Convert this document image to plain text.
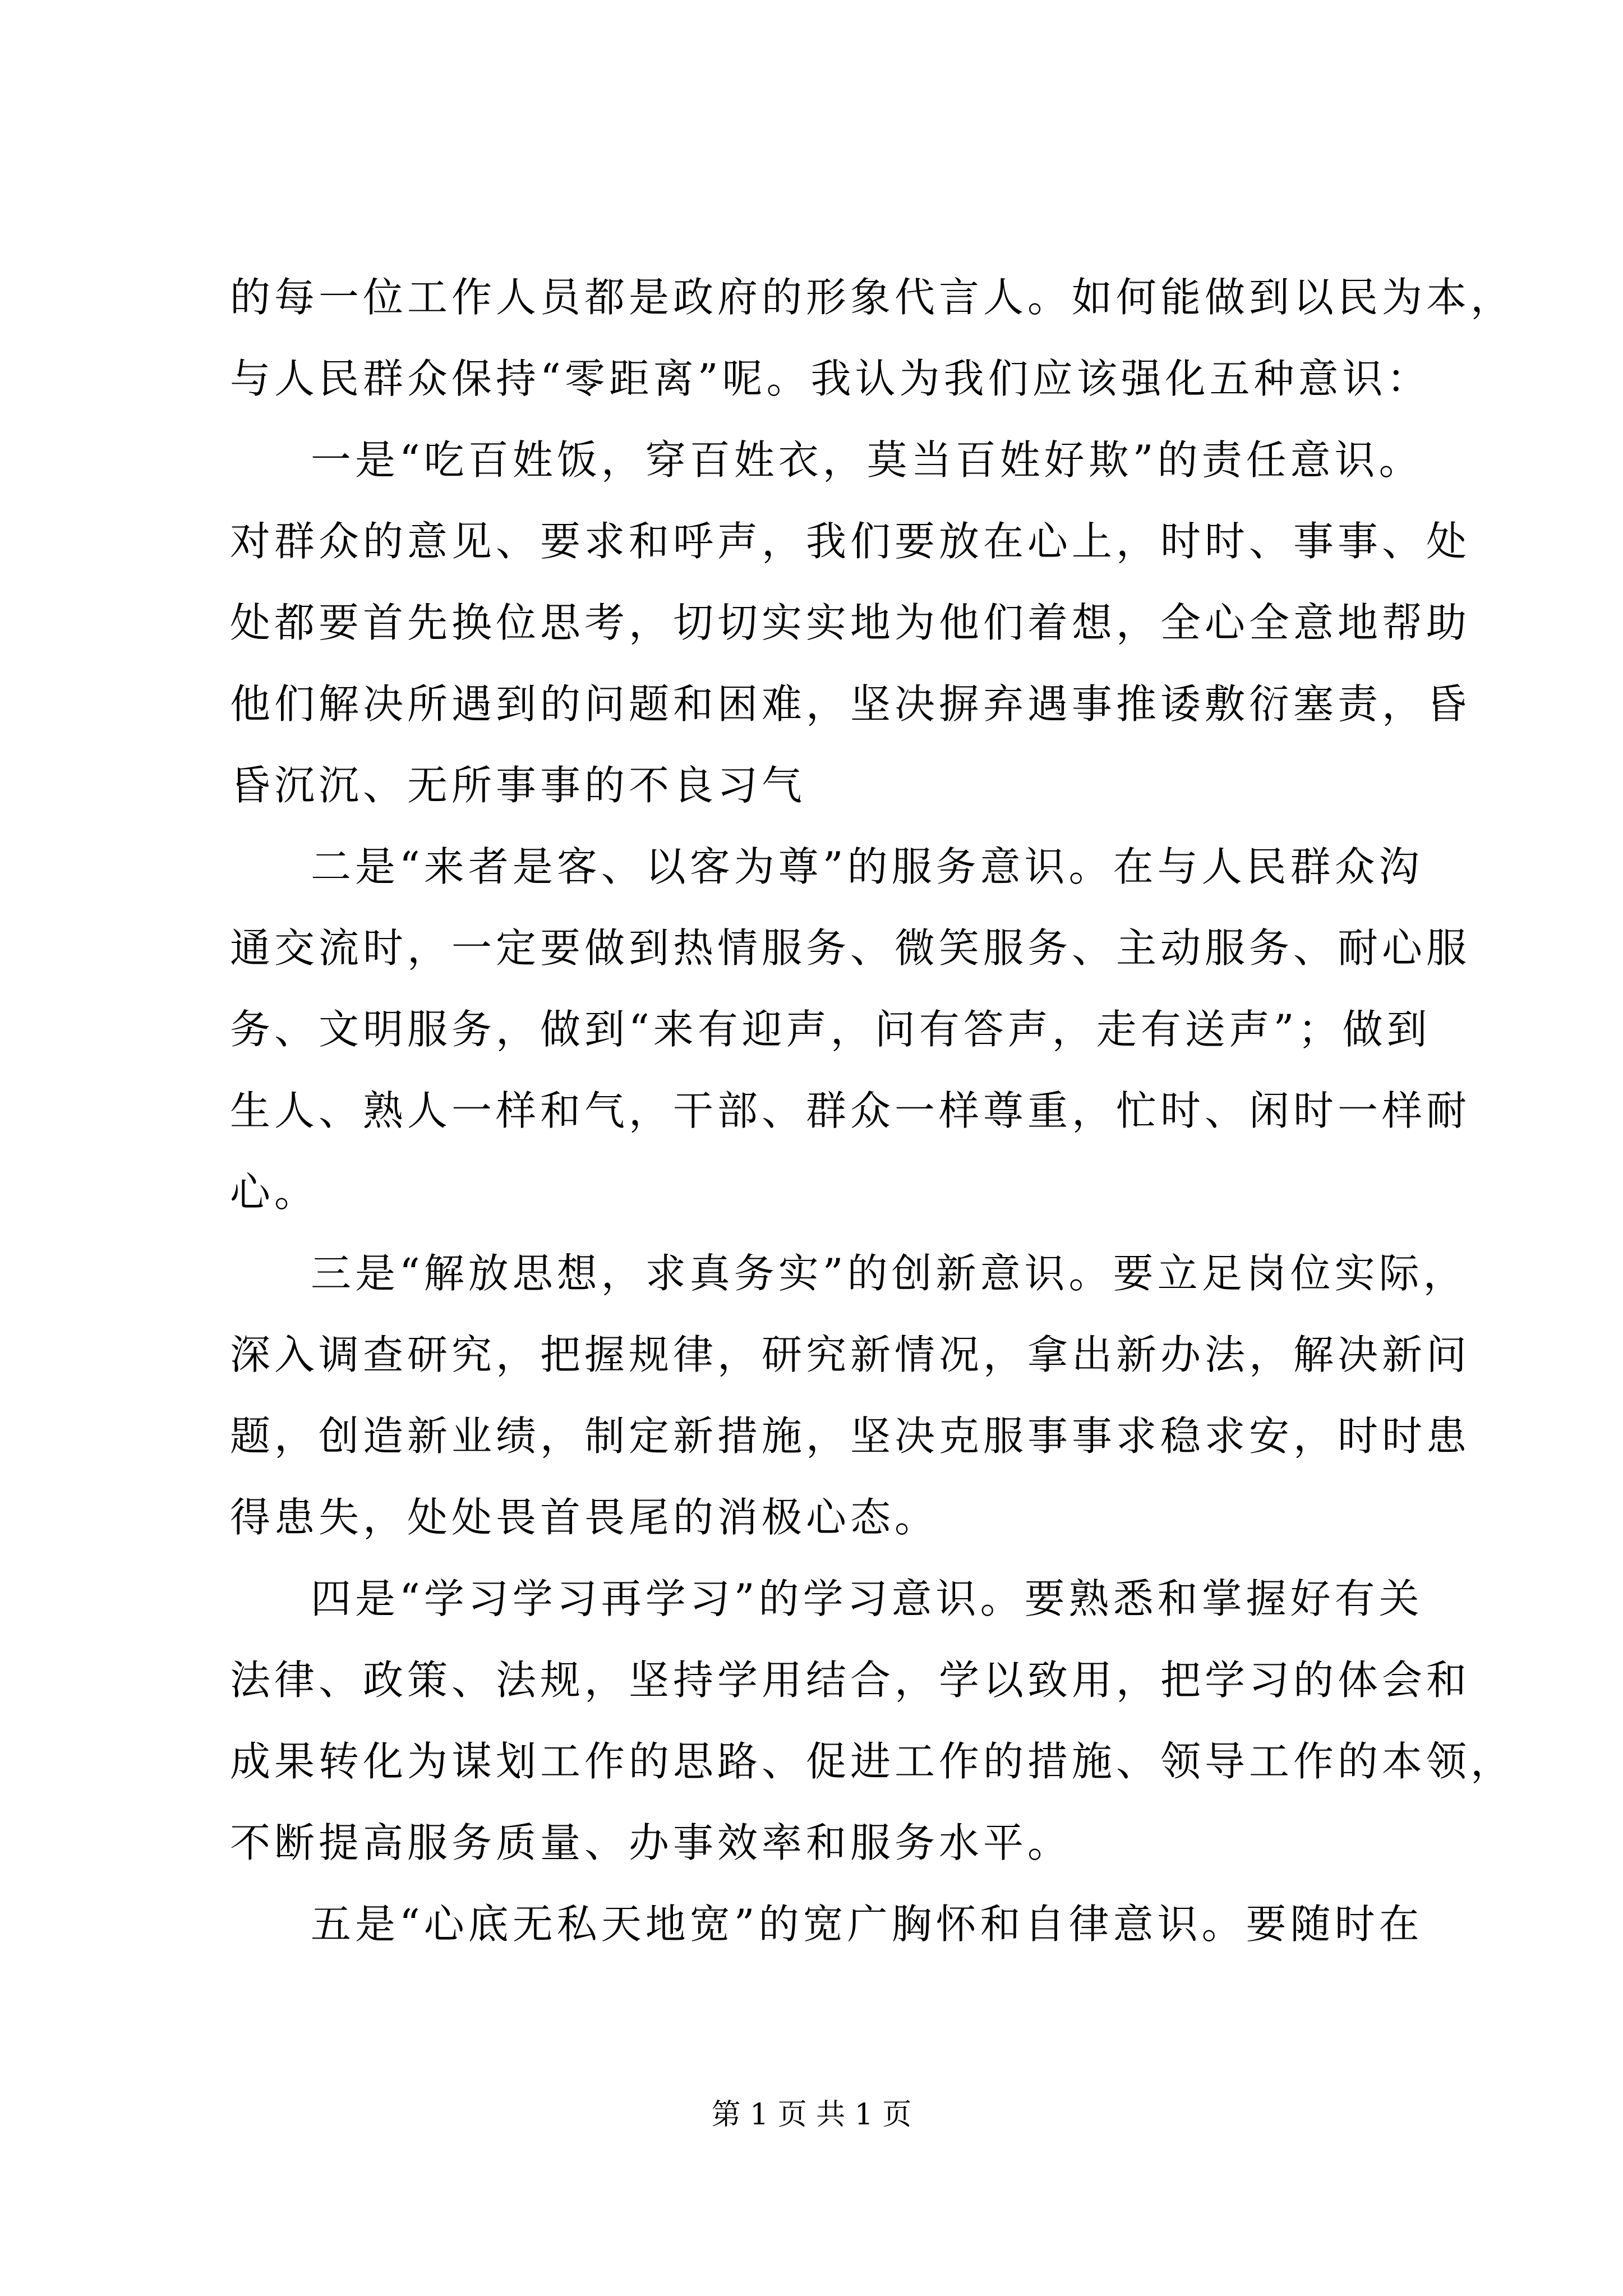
的每一位工作人员都是政府的形象代言人。如何能做到以民为本，
与人民群众保持“零距离”呢。我认为我们应该强化五种意识：
一是“吃百姓饭，穿百姓衣，莫当百姓好欺”的责任意识。
对群众的意见、要求和呼声，我们要放在心上，时时、事事、处
处都要首先换位思考，切切实实地为他们着想，全心全意地帮助
他们解决所遇到的问题和困难，坚决摒弃遇事推诿敷衍塞责，昏
昏沉沉、无所事事的不良习气
二是“来者是客、以客为尊”的服务意识。在与人民群众沟
通交流时，一定要做到热情服务、微笑服务、主动服务、耐心服
务、文明服务，做到“来有迎声，问有答声，走有送声”；做到
生人、熟人一样和气，干部、群众一样尊重，忙时、闲时一样耐
心。
三是“解放思想，求真务实”的创新意识。要立足岗位实际，
深入调查研究，把握规律，研究新情况，拿出新办法，解决新问
题，创造新业绩，制定新措施，坚决克服事事求稳求安，时时患
得患失，处处畏首畏尾的消极心态。
四是“学习学习再学习”的学习意识。要熟悉和掌握好有关
法律、政策、法规，坚持学用结合，学以致用，把学习的体会和
成果转化为谋划工作的思路、促进工作的措施、领导工作的本领，
不断提高服务质量、办事效率和服务水平。
五是“心底无私天地宽”的宽广胸怀和自律意识。要随时在
第 1 页 共 1 页
